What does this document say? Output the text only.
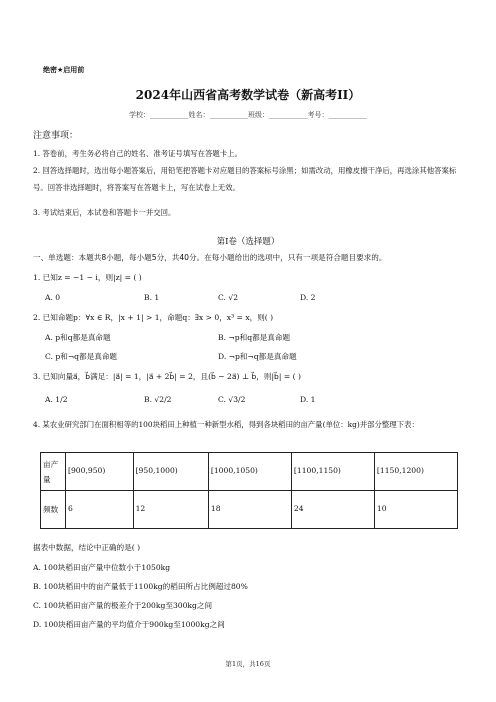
绝密★启用前
2024年山西省高考数学试卷（新高考II）
学校：___________姓名：___________班级：___________考号：___________
注意事项：
1. 答卷前，考生务必将自己的姓名、准考证号填写在答题卡上。
2. 回答选择题时，选出每小题答案后，用铅笔把答题卡对应题目的答案标号涂黑；如需改动，用橡皮擦干净后，再选涂其他答案标号。回答非选择题时，将答案写在答题卡上，写在试卷上无效。
3. 考试结束后，本试卷和答题卡一并交回。
第I卷（选择题）
一、单选题：本题共8小题，每小题5分，共40分。在每小题给出的选项中，只有一项是符合题目要求的。
1. 已知z = −1 − i，则|z| = ( )
A. 0	B. 1	C. √2	D. 2
2. 已知命题p：∀x ∈ R，|x + 1| > 1，命题q：∃x > 0，x³ = x，则( )
A. p和q都是真命题	B. ¬p和q都是真命题
C. p和¬q都是真命题	D. ¬p和¬q都是真命题
3. 已知向量a⃗，b⃗满足：|a⃗| = 1，|a⃗ + 2b⃗| = 2，且(b⃗ − 2a⃗) ⊥ b⃗，则|b⃗| = ( )
A. 1/2	B. √2/2	C. √3/2	D. 1
4. 某农业研究部门在面积相等的100块稻田上种植一种新型水稻，得到各块稻田的亩产量(单位：kg)并部分整理下表：
亩产量	[900,950)	[950,1000)	[1000,1050)	[1100,1150)	[1150,1200)
频数	6	12	18	24	10
据表中数据，结论中正确的是( )
A. 100块稻田亩产量中位数小于1050kg
B. 100块稻田中的亩产量低于1100kg的稻田所占比例超过80%
C. 100块稻田亩产量的极差介于200kg至300kg之间
D. 100块稻田亩产量的平均值介于900kg至1000kg之间
第1页，共16页
